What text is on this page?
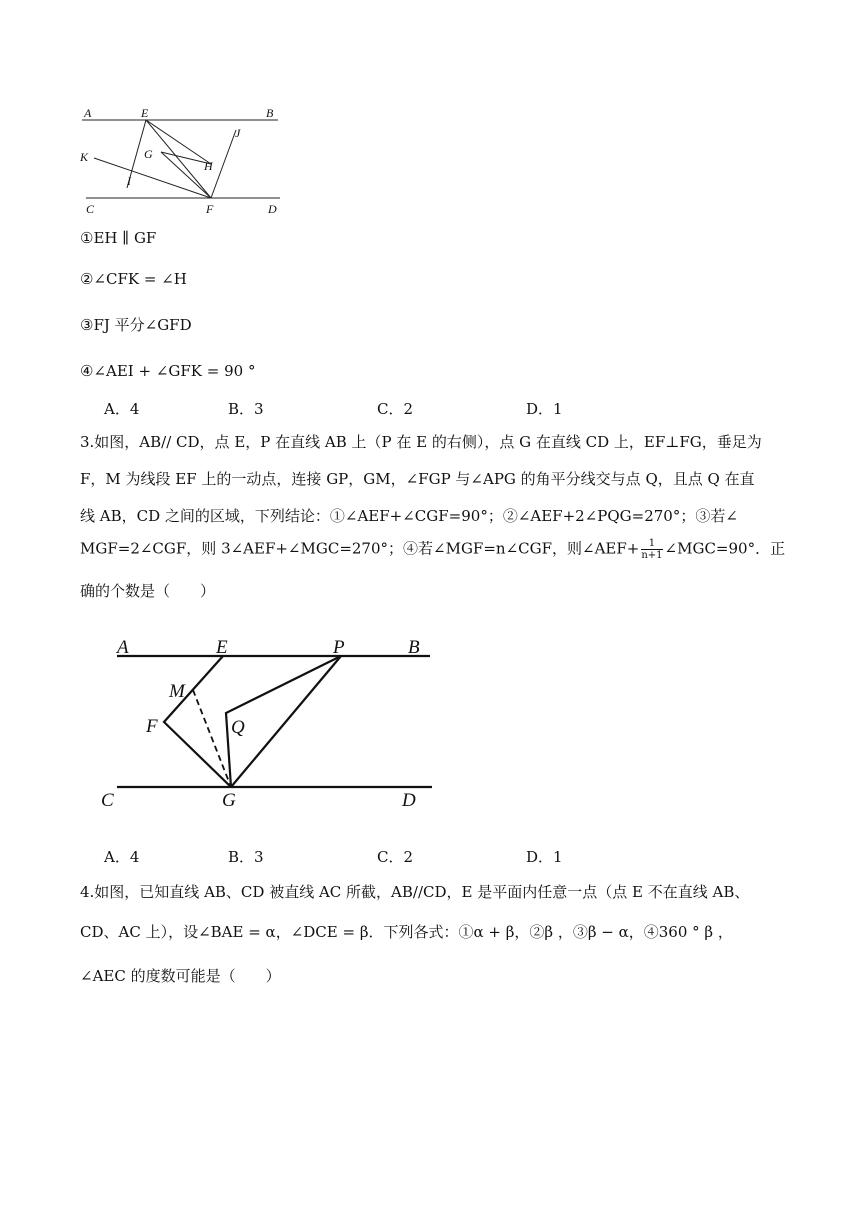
A	E	B
K	G
H
J
I
C	F	D
①EH ∥ GF
②∠CFK = ∠H
③FJ 平分∠GFD
④∠AEI + ∠GFK = 90 °
A．4	B．3	C．2	D．1
3.如图，AB// CD，点 E，P 在直线 AB 上（P 在 E 的右侧），点 G 在直线 CD 上，EF⊥FG，垂足为
F，M 为线段 EF 上的一动点，连接 GP，GM，∠FGP 与∠APG 的角平分线交与点 Q，且点 Q 在直
线 AB，CD 之间的区域，下列结论：①∠AEF+∠CGF=90°；②∠AEF+2∠PQG=270°；③若∠
MGF=2∠CGF，则 3∠AEF+∠MGC=270°；④若∠MGF=n∠CGF，则∠AEF+ $\frac{1}{n+1}$ ∠MGC=90°．正
确的个数是（　　）
A	E	P	B
M
F	Q
C	G	D
A．4	B．3	C．2	D．1
4.如图，已知直线 AB、CD 被直线 AC 所截，AB//CD，E 是平面内任意一点（点 E 不在直线 AB、
CD、AC 上），设∠BAE = α，∠DCE = β．下列各式：①α + β，②β ，③β − α，④360 ° β ，
∠AEC 的度数可能是（　　）
